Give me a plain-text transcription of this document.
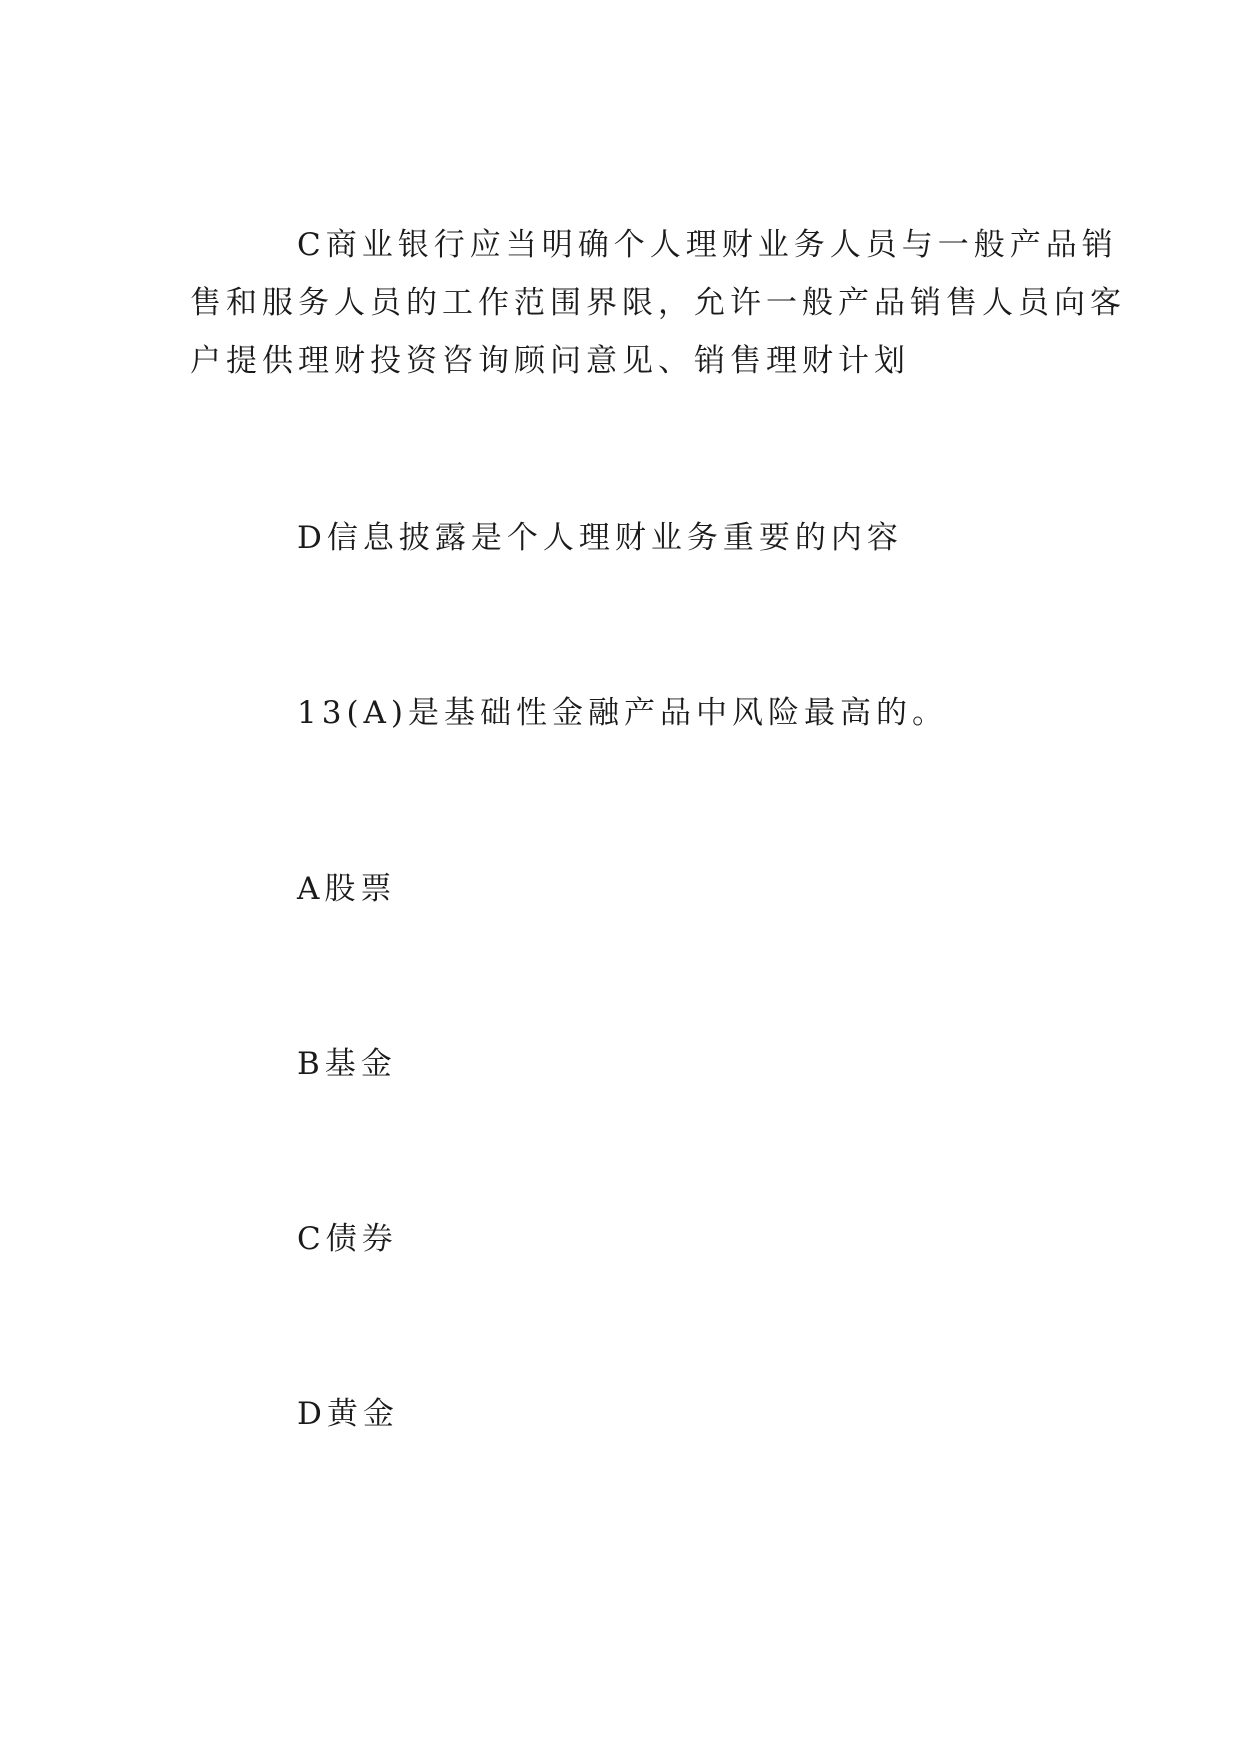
C商业银行应当明确个人理财业务人员与一般产品销

售和服务人员的工作范围界限，允许一般产品销售人员向客

户提供理财投资咨询顾问意见、销售理财计划

D信息披露是个人理财业务重要的内容

13(A)是基础性金融产品中风险最高的。

A股票

B基金

C债券

D黄金
